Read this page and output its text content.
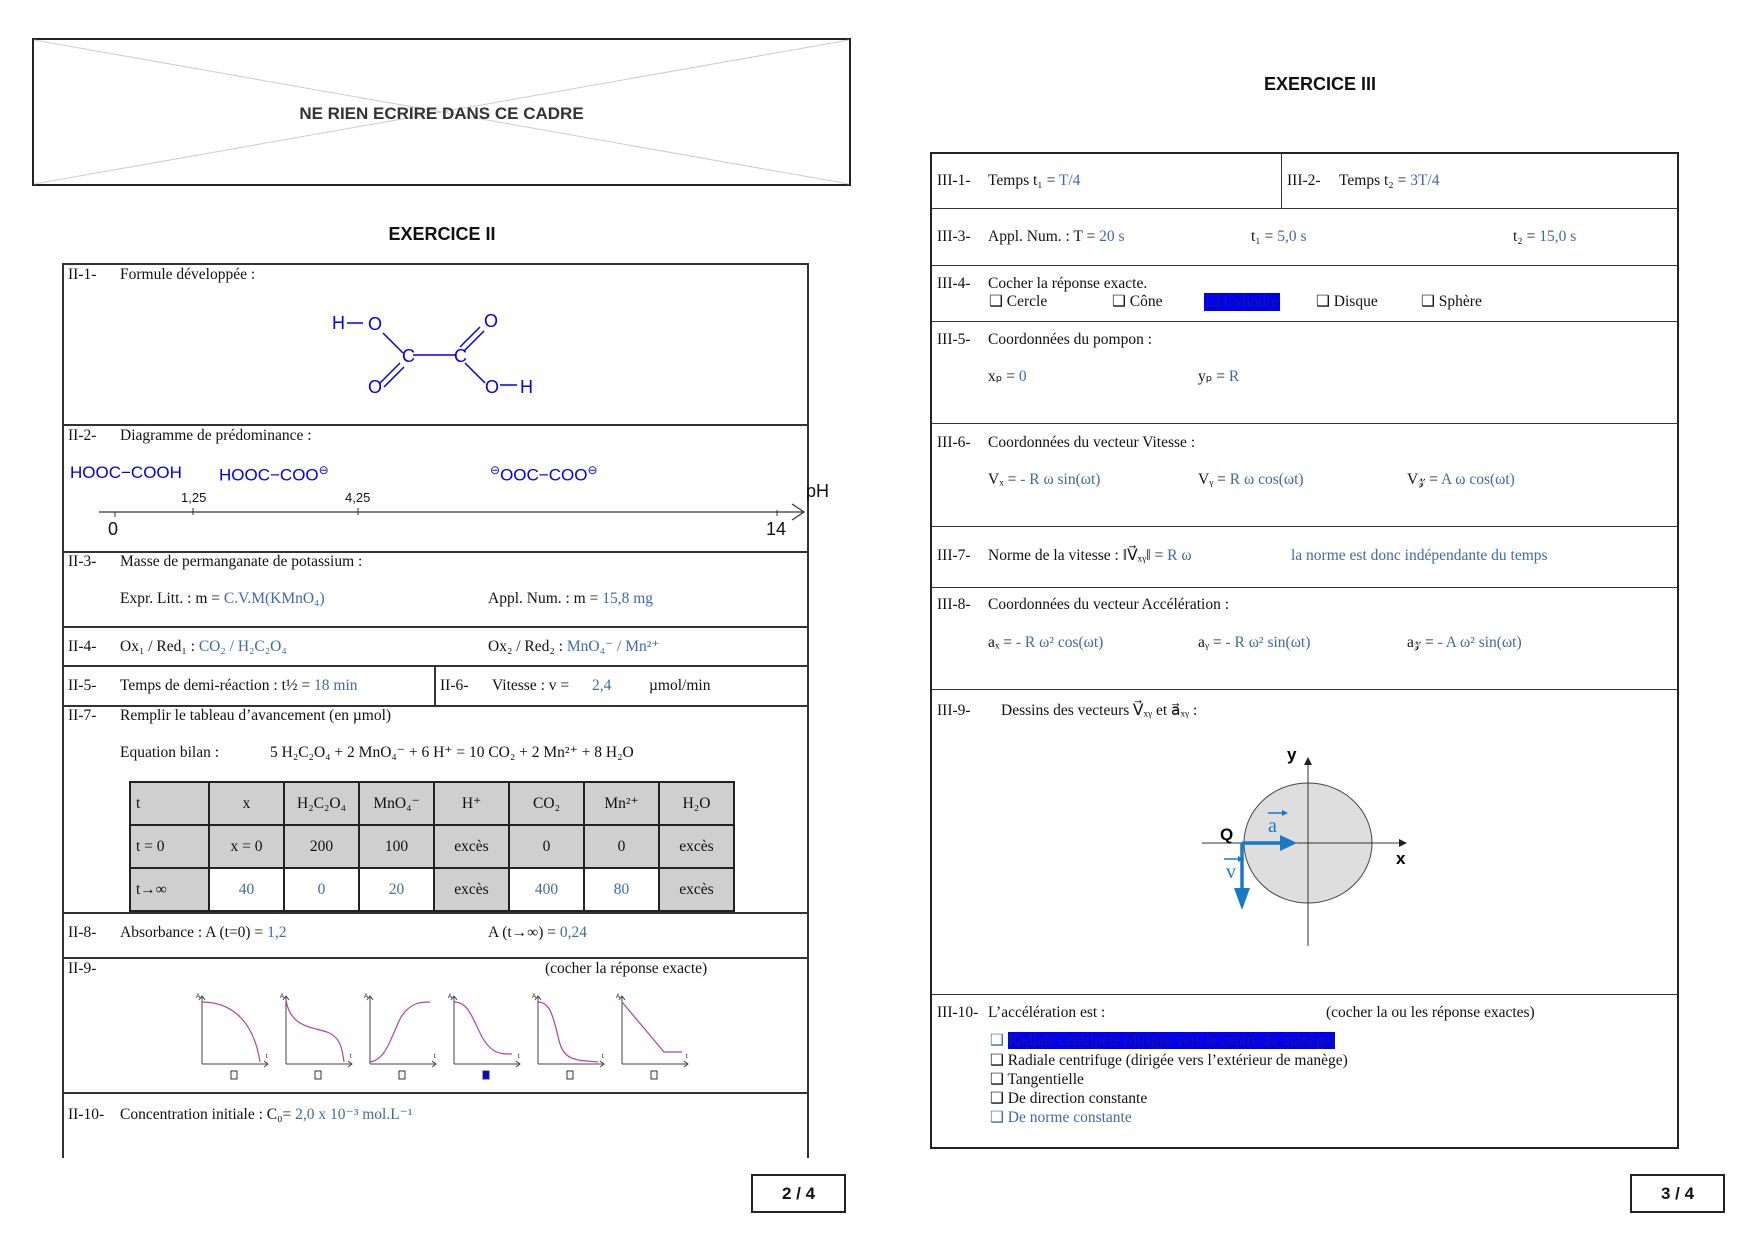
NE RIEN ECRIRE DANS CE CADRE
EXERCICE II
II-1- Formule développée :
H O
C C
O
O
O H
II-2- Diagramme de prédominance :
HOOC−COOH HOOC−COO⊖	⊖OOC−COO⊖
0
1,25	4,25
14
pH
II-3- Masse de permanganate de potassium :
Expr. Litt. : m = C.V.M(KMnO₄)	Appl. Num. : m = 15,8 mg
II-4- Ox₁ / Red₁ : CO₂ / H₂C₂O₄	Ox₂ / Red₂ : MnO₄⁻ / Mn²⁺
II-5- Temps de demi-réaction : t½ = 18 min	II-6- Vitesse : v = 2,4 µmol/min
II-7- Remplir le tableau d’avancement (en µmol)
Equation bilan :	5 H₂C₂O₄ + 2 MnO₄⁻ + 6 H⁺ = 10 CO₂ + 2 Mn²⁺ + 8 H₂O
t	x	H₂C₂O₄	MnO₄⁻	H⁺	CO₂	Mn²⁺	H₂O
t = 0	x = 0	200	100	excès	0	0	excès
t→∞	40	0	20	excès	400	80	excès
II-8- Absorbance : A (t=0) = 1,2	A (t→∞) = 0,24
II-9-	(cocher la réponse exacte)
A
t
A
t
A
t
A
t
A
t
A
t
II-10- Concentration initiale : C₀= 2,0 x 10⁻³ mol.L⁻¹
2 / 4
EXERCICE III
III-1- Temps t₁ = T/4	III-2- Temps t₂ = 3T/4
III-3- Appl. Num. : T = 20 s	t₁ = 5,0 s	t₂ = 15,0 s
III-4- Cocher la réponse exacte.
❑ Cercle	❑ Cône	❑ Cylindre ❑ Disque	❑ Sphère
III-5- Coordonnées du pompon :
xₚ = 0	yₚ = R
III-6- Coordonnées du vecteur Vitesse :
Vₓ = - R ω sin(ωt)	Vᵧ = R ω cos(ωt)	V𝓏 = A ω cos(ωt)
III-7- Norme de la vitesse : ‖V⃗ₓᵧ‖ = R ω	la norme est donc indépendante du temps
III-8- Coordonnées du vecteur Accélération :
aₓ = - R ω² cos(ωt)	aᵧ = - R ω² sin(ωt)	a𝓏 = - A ω² sin(ωt)
III-9- Dessins des vecteurs V⃗ₓᵧ et a⃗ₓᵧ :
y
x
Q a
v
III-10- L’accélération est :	(cocher la ou les réponse exactes)
❑ Radiale centripète (dirigée vers le centre du manège)
❑ Radiale centrifuge (dirigée vers l’extérieur de manège)
❑ Tangentielle
❑ De direction constante
❑ De norme constante
3 / 4
